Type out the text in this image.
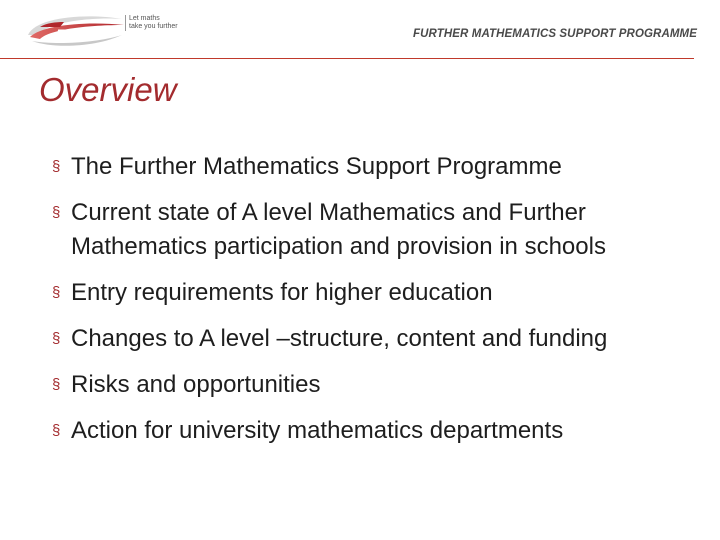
FMSP
Let maths
take you further
FURTHER MATHEMATICS SUPPORT PROGRAMME
Overview
§ The Further Mathematics Support Programme
§ Current state of A level Mathematics and Further Mathematics participation and provision in schools
§ Entry requirements for higher education
§ Changes to A level –structure, content and funding
§ Risks and opportunities
§ Action for university mathematics departments
